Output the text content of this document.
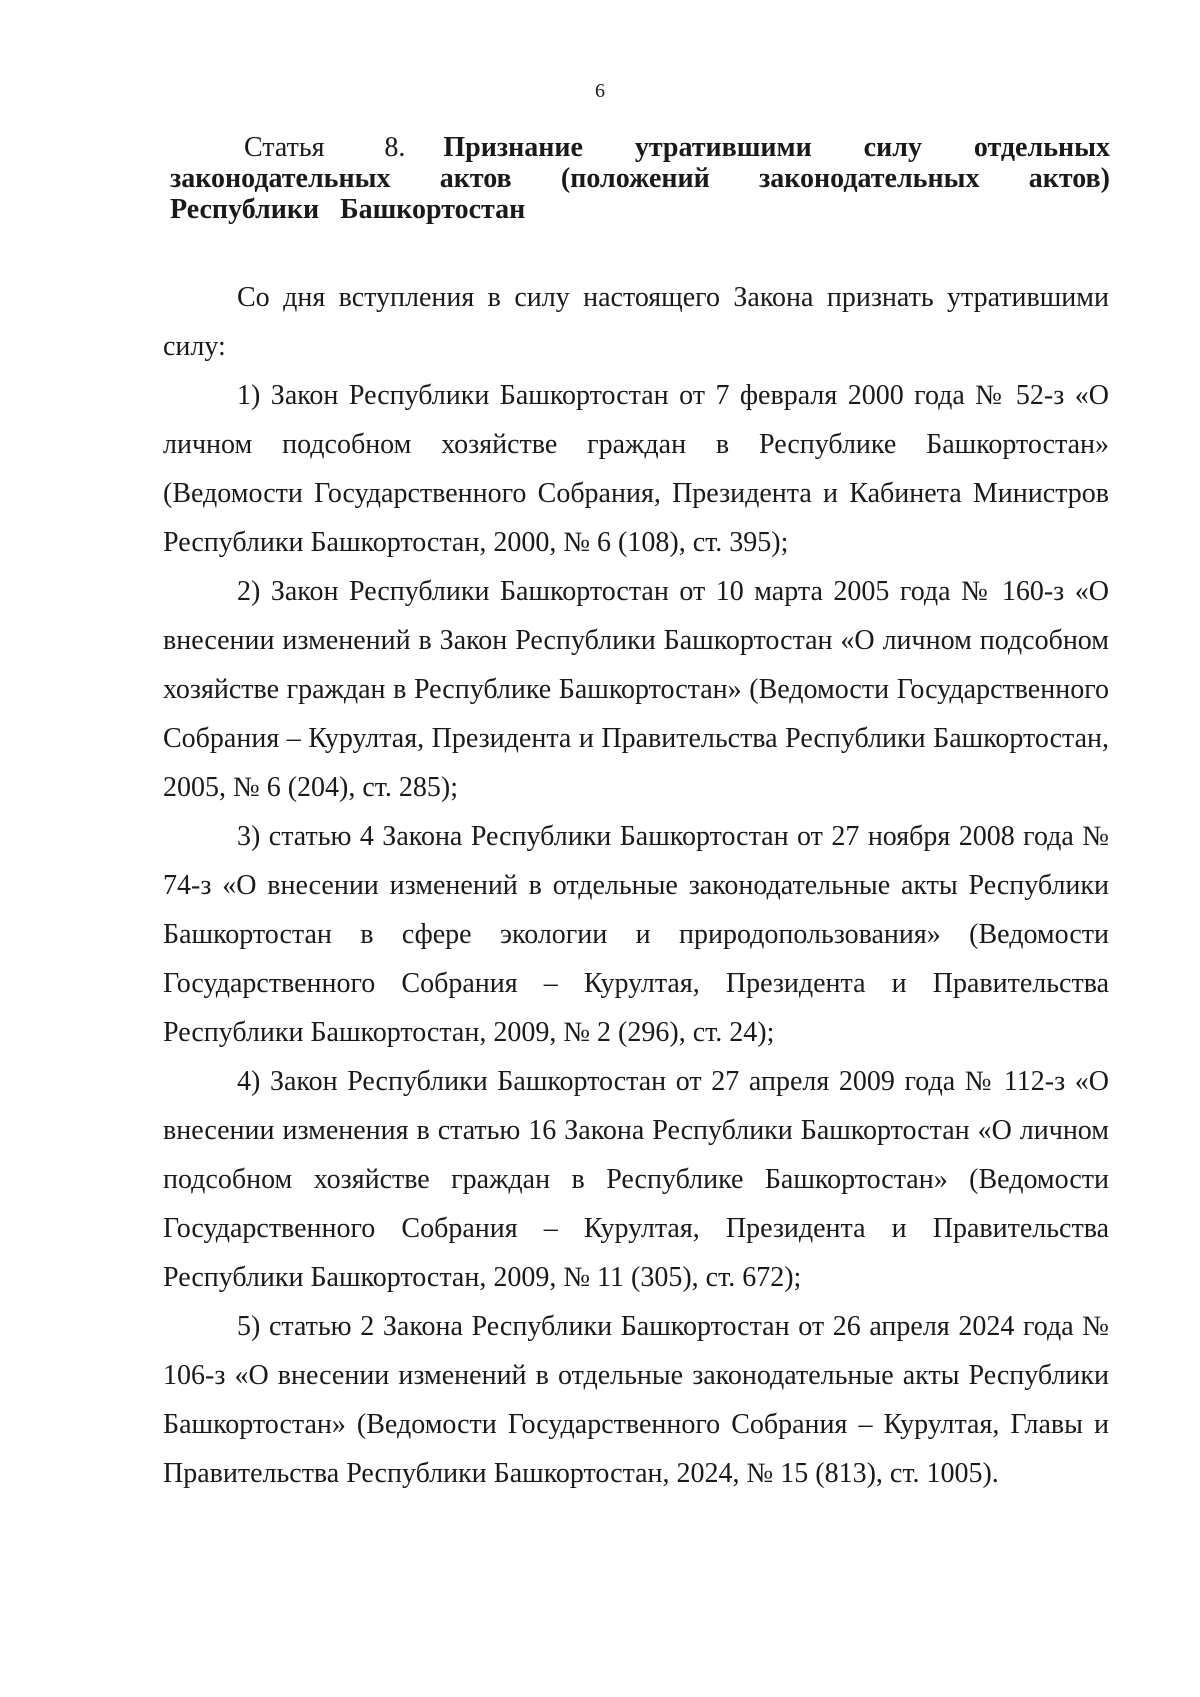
6

Статья 8. Признание утратившими силу отдельных законодательных актов (положений законодательных актов) Республики Башкортостан

Со дня вступления в силу настоящего Закона признать утратившими силу:

1) Закон Республики Башкортостан от 7 февраля 2000 года № 52-з «О личном подсобном хозяйстве граждан в Республике Башкортостан» (Ведомости Государственного Собрания, Президента и Кабинета Министров Республики Башкортостан, 2000, № 6 (108), ст. 395);

2) Закон Республики Башкортостан от 10 марта 2005 года № 160-з «О внесении изменений в Закон Республики Башкортостан «О личном подсобном хозяйстве граждан в Республике Башкортостан» (Ведомости Государственного Собрания – Курултая, Президента и Правительства Республики Башкортостан, 2005, № 6 (204), ст. 285);

3) статью 4 Закона Республики Башкортостан от 27 ноября 2008 года № 74-з «О внесении изменений в отдельные законодательные акты Республики Башкортостан в сфере экологии и природопользования» (Ведомости Государственного Собрания – Курултая, Президента и Правительства Республики Башкортостан, 2009, № 2 (296), ст. 24);

4) Закон Республики Башкортостан от 27 апреля 2009 года № 112-з «О внесении изменения в статью 16 Закона Республики Башкортостан «О личном подсобном хозяйстве граждан в Республике Башкортостан» (Ведомости Государственного Собрания – Курултая, Президента и Правительства Республики Башкортостан, 2009, № 11 (305), ст. 672);

5) статью 2 Закона Республики Башкортостан от 26 апреля 2024 года № 106-з «О внесении изменений в отдельные законодательные акты Республики Башкортостан» (Ведомости Государственного Собрания – Курултая, Главы и Правительства Республики Башкортостан, 2024, № 15 (813), ст. 1005).
